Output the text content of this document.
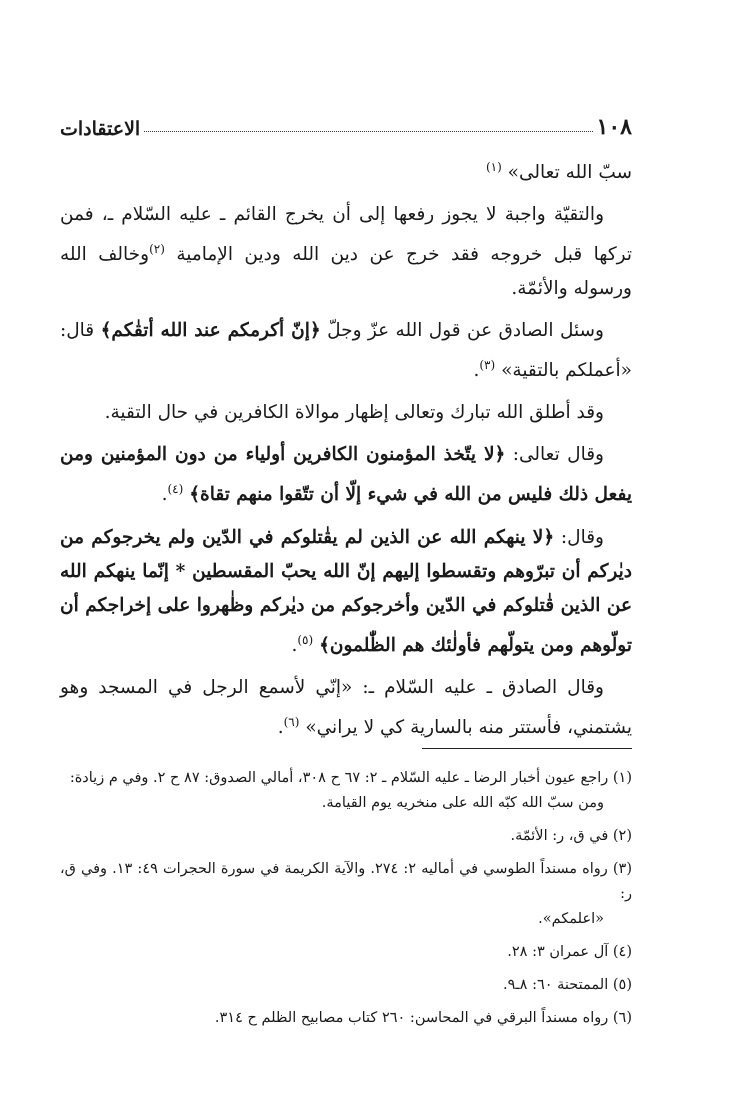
١٠٨
الاعتقادات

سبّ الله تعالى» $^{(١)}$

والتقيّة واجبة لا يجوز رفعها إلى أن يخرج القائم ـ عليه السّلام ـ، فمن تركها قبل خروجه فقد خرج عن دين الله ودين الإمامية $^{(٢)}$وخالف الله ورسوله والأئمّة.

وسئل الصادق عن قول الله عزّ وجلّ ﴿إنّ أكرمكم عند الله أتقٰكم﴾ قال: «أعملكم بالتقية» $^{(٣)}$.

وقد أطلق الله تبارك وتعالى إظهار موالاة الكافرين في حال التقية.

وقال تعالى: ﴿لا يتّخذ المؤمنون الكافرين أولياء من دون المؤمنين ومن يفعل ذلك فليس من الله في شيء إلّا أن تتّقوا منهم تقاة﴾ $^{(٤)}$.

وقال: ﴿لا ينهكم الله عن الذين لم يقٰتلوكم في الدّين ولم يخرجوكم من ديٰركم أن تبرّوهم وتقسطوا إليهم إنّ الله يحبّ المقسطين * إنّما ينهكم الله عن الذين قٰتلوكم في الدّين وأخرجوكم من ديٰركم وظٰهروا على إخراجكم أن تولّوهم ومن يتولّهم فأولٰئك هم الظّٰلمون﴾ $^{(٥)}$.

وقال الصادق ـ عليه السّلام ـ: «إنّي لأسمع الرجل في المسجد وهو يشتمني، فأستتر منه بالسارية كي لا يراني» $^{(٦)}$.

(١) راجع عيون أخبار الرضا ـ عليه السّلام ـ ٢: ٦٧ ح ٣٠٨، أمالي الصدوق: ٨٧ ح ٢. وفي م زيادة:
ومن سبّ الله كبّه الله على منخريه يوم القيامة.

(٢) في ق، ر: الأئمّة.

(٣) رواه مسنداً الطوسي في أماليه ٢: ٢٧٤. والآية الكريمة في سورة الحجرات ٤٩: ١٣. وفي ق، ر:
«اعلمكم».

(٤) آل عمران ٣: ٢٨.

(٥) الممتحنة ٦٠: ٨ـ٩.

(٦) رواه مسنداً البرقي في المحاسن: ٢٦٠ كتاب مصابيح الظلم ح ٣١٤.
